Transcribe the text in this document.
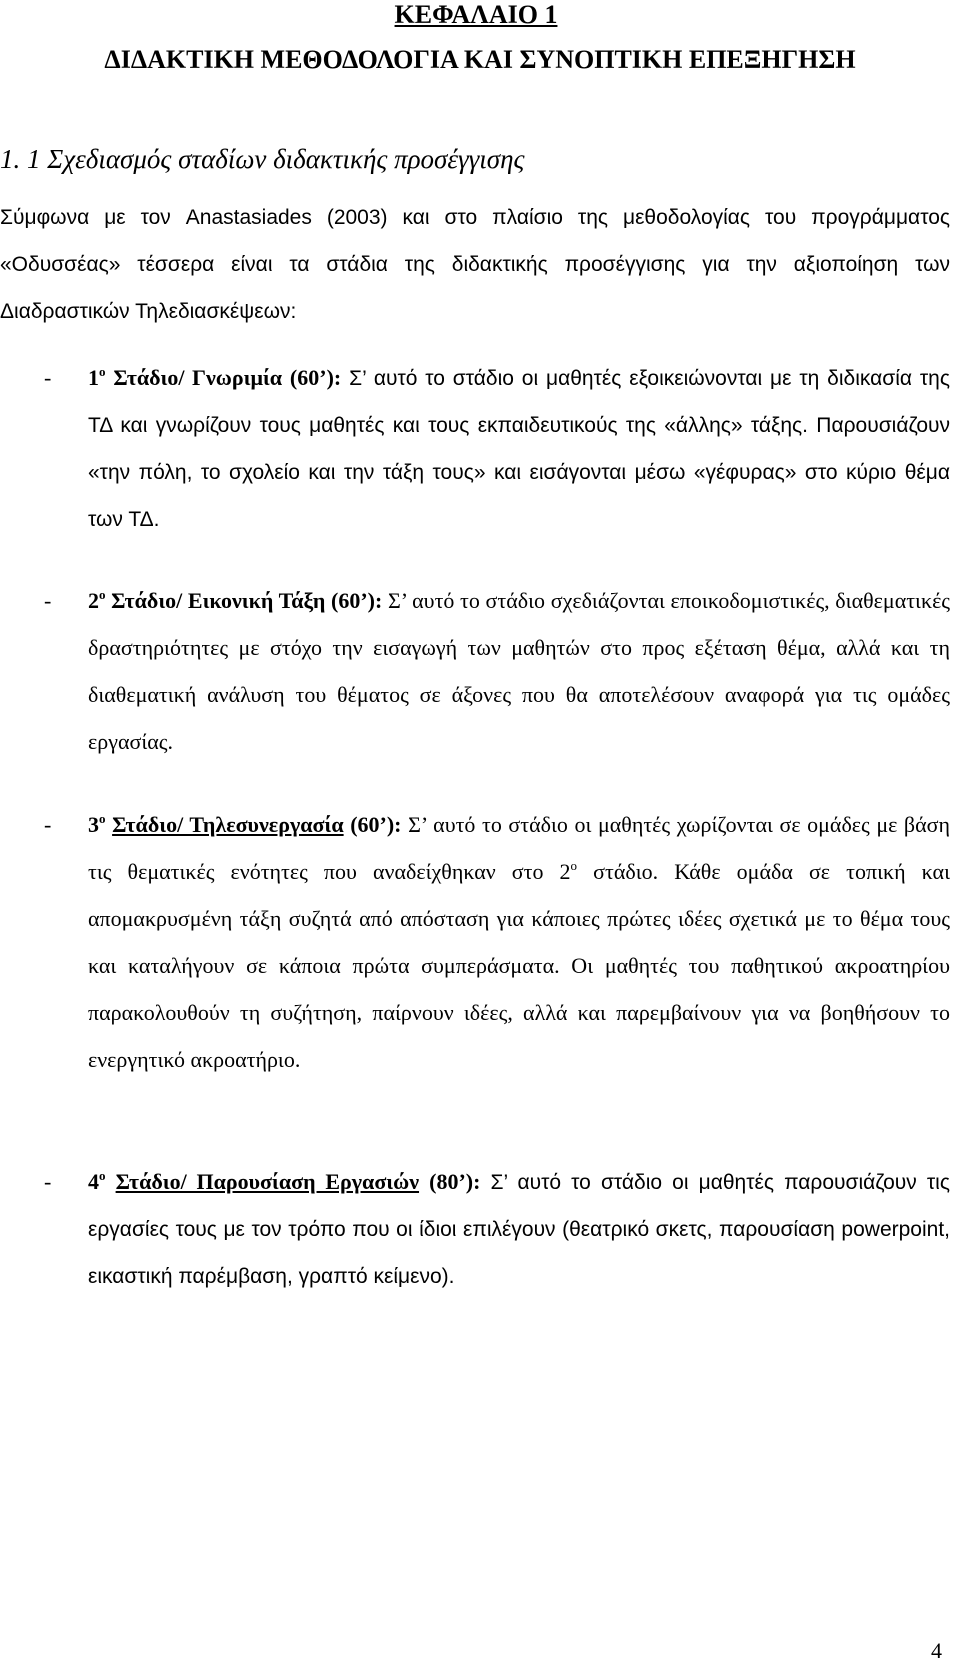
ΚΕΦΑΛΑΙΟ 1
ΔΙΔΑΚΤΙΚΗ ΜΕΘΟΔΟΛΟΓΙΑ ΚΑΙ ΣΥΝΟΠΤΙΚΗ ΕΠΕΞΗΓΗΣΗ
1. 1 Σχεδιασμός σταδίων διδακτικής προσέγγισης

Σύμφωνα με τον Anastasiades (2003) και στο πλαίσιο της μεθοδολογίας του προγράμματος «Οδυσσέας» τέσσερα είναι τα στάδια της διδακτικής προσέγγισης για την αξιοποίηση των Διαδραστικών Τηλεδιασκέψεων:

- $1^o$ Στάδιο/ Γνωριμία (60’): Σ’ αυτό το στάδιο οι μαθητές εξοικειώνονται με τη διδικασία της ΤΔ και γνωρίζουν τους μαθητές και τους εκπαιδευτικούς της «άλλης» τάξης. Παρουσιάζουν «την πόλη, το σχολείο και την τάξη τους» και εισάγονται μέσω «γέφυρας» στο κύριο θέμα των ΤΔ.

- $2^o$ Στάδιο/ Εικονική Τάξη (60’): Σ’ αυτό το στάδιο σχεδιάζονται εποικοδομιστικές, διαθεματικές δραστηριότητες με στόχο την εισαγωγή των μαθητών στο προς εξέταση θέμα, αλλά και τη διαθεματική ανάλυση του θέματος σε άξονες που θα αποτελέσουν αναφορά για τις ομάδες εργασίας.

- $3^o$ Στάδιο/ Τηλεσυνεργασία (60’): Σ’ αυτό το στάδιο οι μαθητές χωρίζονται σε ομάδες με βάση τις θεματικές ενότητες που αναδείχθηκαν στο $2^o$ στάδιο. Κάθε ομάδα σε τοπική και απομακρυσμένη τάξη συζητά από απόσταση για κάποιες πρώτες ιδέες σχετικά με το θέμα τους και καταλήγουν σε κάποια πρώτα συμπεράσματα. Οι μαθητές του παθητικού ακροατηρίου παρακολουθούν τη συζήτηση, παίρνουν ιδέες, αλλά και παρεμβαίνουν για να βοηθήσουν το ενεργητικό ακροατήριο.

- $4^o$ Στάδιο/ Παρουσίαση Εργασιών (80’): Σ’ αυτό το στάδιο οι μαθητές παρουσιάζουν τις εργασίες τους με τον τρόπο που οι ίδιοι επιλέγουν (θεατρικό σκετς, παρουσίαση powerpoint, εικαστική παρέμβαση, γραπτό κείμενο).

4
